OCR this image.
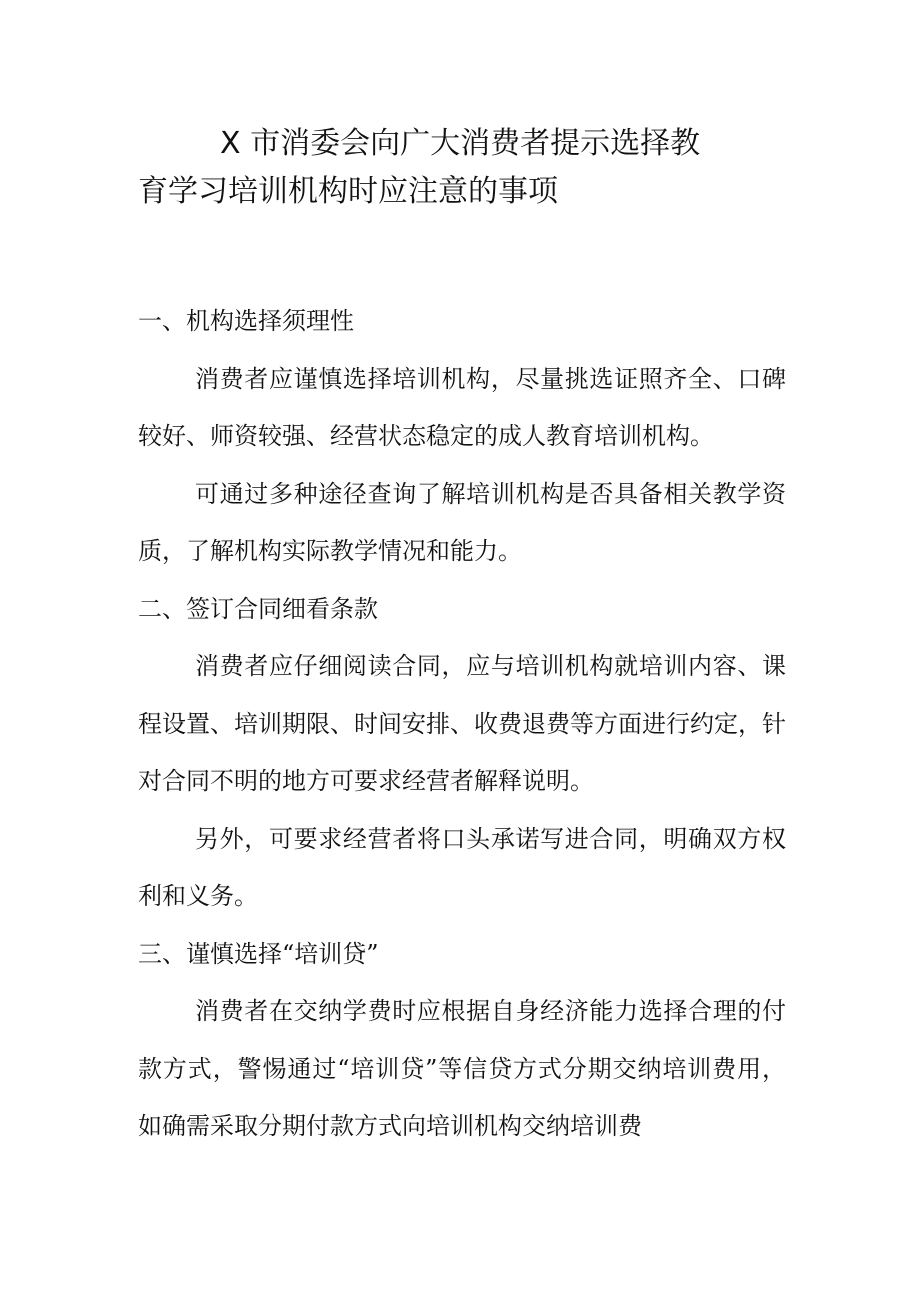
X 市消委会向广大消费者提示选择教
育学习培训机构时应注意的事项
一、机构选择须理性

消费者应谨慎选择培训机构，尽量挑选证照齐全、口碑较好、师资较强、经营状态稳定的成人教育培训机构。

可通过多种途径查询了解培训机构是否具备相关教学资质，了解机构实际教学情况和能力。

二、签订合同细看条款

消费者应仔细阅读合同，应与培训机构就培训内容、课程设置、培训期限、时间安排、收费退费等方面进行约定，针对合同不明的地方可要求经营者解释说明。

另外，可要求经营者将口头承诺写进合同，明确双方权利和义务。

三、谨慎选择“培训贷”

消费者在交纳学费时应根据自身经济能力选择合理的付款方式，警惕通过“培训贷”等信贷方式分期交纳培训费用，如确需采取分期付款方式向培训机构交纳培训费
